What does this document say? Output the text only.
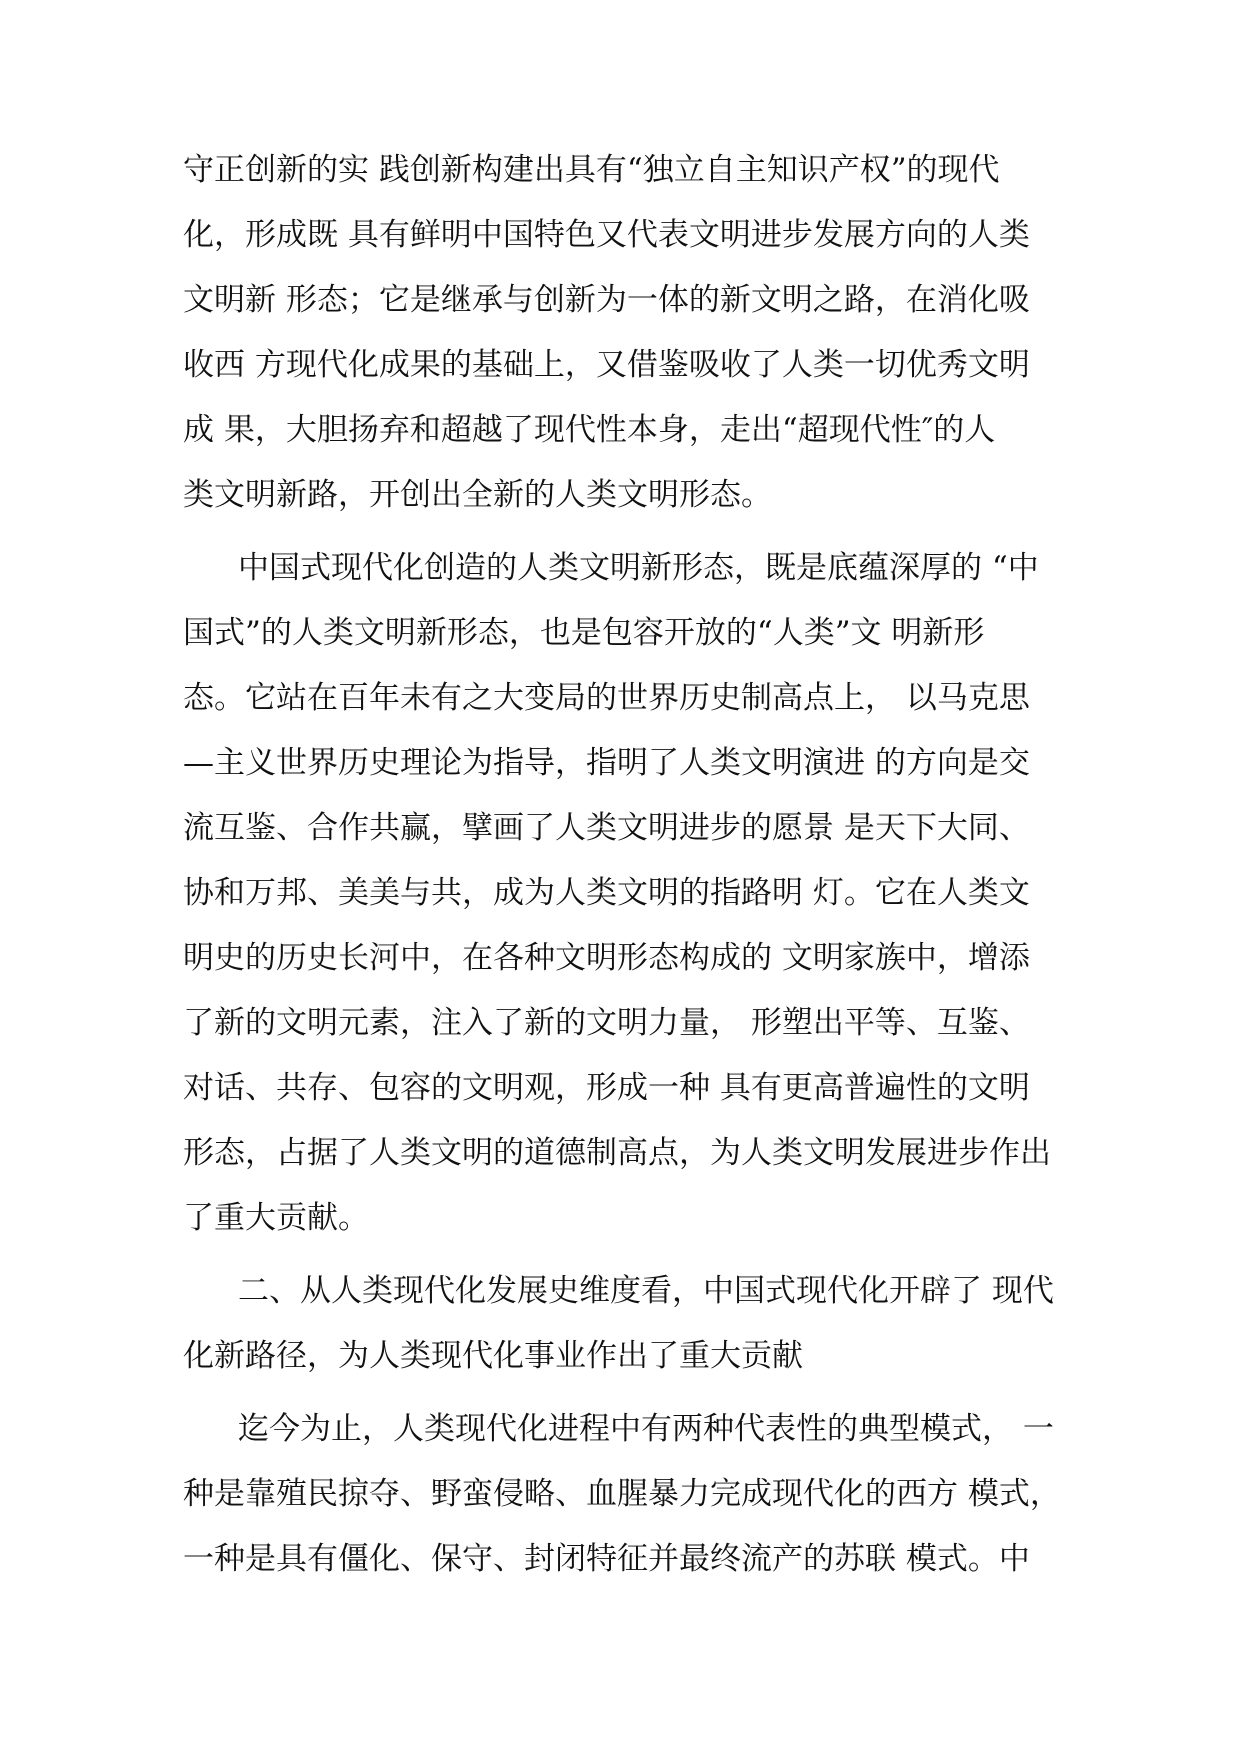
守正创新的实 践创新构建出具有“独立自主知识产权”的现代
化，形成既 具有鲜明中国特色又代表文明进步发展方向的人类
文明新 形态；它是继承与创新为一体的新文明之路，在消化吸
收西 方现代化成果的基础上，又借鉴吸收了人类一切优秀文明
成 果，大胆扬弃和超越了现代性本身，走出“超现代性″的人
类文明新路，开创出全新的人类文明形态。
中国式现代化创造的人类文明新形态，既是底蕴深厚的 “中
国式”的人类文明新形态，也是包容开放的“人类”文 明新形
态。它站在百年未有之大变局的世界历史制高点上， 以马克思
—主义世界历史理论为指导，指明了人类文明演进 的方向是交
流互鉴、合作共赢，擘画了人类文明进步的愿景 是天下大同、
协和万邦、美美与共，成为人类文明的指路明 灯。它在人类文
明史的历史长河中，在各种文明形态构成的 文明家族中，增添
了新的文明元素，注入了新的文明力量， 形塑出平等、互鉴、
对话、共存、包容的文明观，形成一种 具有更高普遍性的文明
形态，占据了人类文明的道德制高点，为人类文明发展进步作出
了重大贡献。
二、从人类现代化发展史维度看，中国式现代化开辟了 现代
化新路径，为人类现代化事业作出了重大贡献
迄今为止，人类现代化进程中有两种代表性的典型模式， 一
种是靠殖民掠夺、野蛮侵略、血腥暴力完成现代化的西方 模式，
一种是具有僵化、保守、封闭特征并最终流产的苏联 模式。中
